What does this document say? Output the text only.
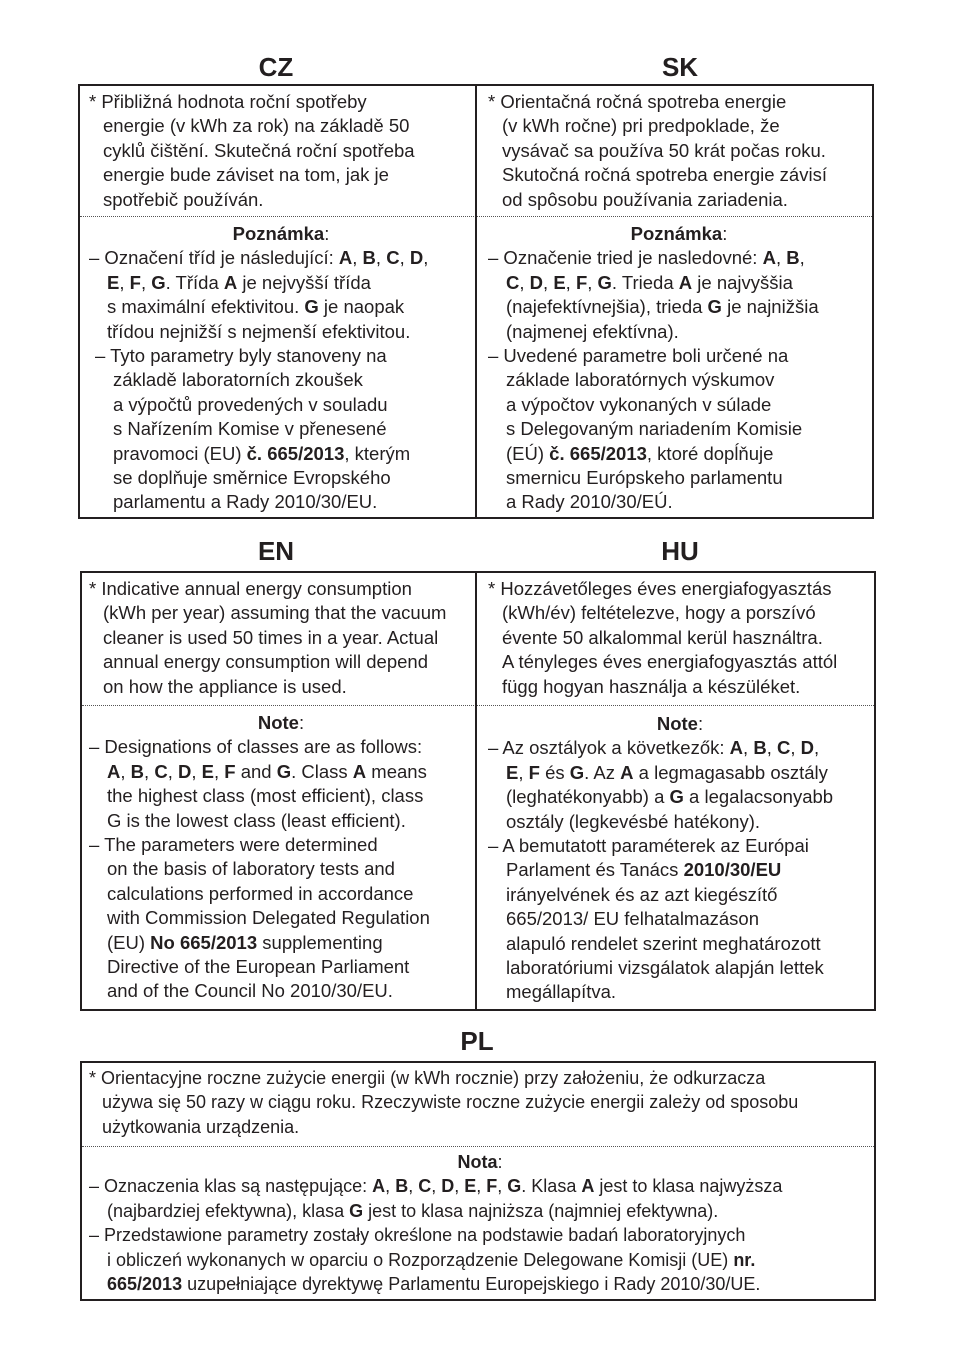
CZ	SK
EN	HU
PL

* Přibližná hodnota roční spotřeby

energie (v kWh za rok) na základě 50

cyklů čištění. Skutečná roční spotřeba

energie bude záviset na tom, jak je

spotřebič používán.

Poznámka:

– Označení tříd je následující: A, B, C, D,

E, F, G. Třída A je nejvyšší třída

s maximální efektivitou. G je naopak

třídou nejnižší s nejmenší efektivitou.

– Tyto parametry byly stanoveny na

základě laboratorních zkoušek

a výpočtů provedených v souladu

s Nařízením Komise v přenesené

pravomoci (EU) č. 665/2013, kterým

se doplňuje směrnice Evropského

parlamentu a Rady 2010/30/EU.

* Orientačná ročná spotreba energie

(v kWh ročne) pri predpoklade, že

vysávač sa používa 50 krát počas roku.

Skutočná ročná spotreba energie závisí

od spôsobu používania zariadenia.

Poznámka:

– Označenie tried je nasledovné: A, B,

C, D, E, F, G. Trieda A je najvyššia

(najefektívnejšia), trieda G je najnižšia

(najmenej efektívna).

– Uvedené parametre boli určené na

základe laboratórnych výskumov

a výpočtov vykonaných v súlade

s Delegovaným nariadením Komisie

(EÚ) č. 665/2013, ktoré dopĺňuje

smernicu Európskeho parlamentu

a Rady 2010/30/EÚ.

* Indicative annual energy consumption

(kWh per year) assuming that the vacuum

cleaner is used 50 times in a year. Actual

annual energy consumption will depend

on how the appliance is used.

Note:

– Designations of classes are as follows:

A, B, C, D, E, F and G. Class A means

the highest class (most efficient), class

G is the lowest class (least efficient).

– The parameters were determined

on the basis of laboratory tests and

calculations performed in accordance

with Commission Delegated Regulation

(EU) No 665/2013 supplementing

Directive of the European Parliament

and of the Council No 2010/30/EU.

* Hozzávetőleges éves energiafogyasztás

(kWh/év) feltételezve, hogy a porszívó

évente 50 alkalommal kerül használtra.

A tényleges éves energiafogyasztás attól

függ hogyan használja a készüléket.

Note:

– Az osztályok a következők: A, B, C, D,

E, F és G. Az A a legmagasabb osztály

(leghatékonyabb) a G a legalacsonyabb

osztály (legkevésbé hatékony).

– A bemutatott paraméterek az Európai

Parlament és Tanács 2010/30/EU

irányelvének és az azt kiegészítő

665/2013/ EU felhatalmazáson

alapuló rendelet szerint meghatározott

laboratóriumi vizsgálatok alapján lettek

megállapítva.

* Orientacyjne roczne zużycie energii (w kWh rocznie) przy założeniu, że odkurzacza

używa się 50 razy w ciągu roku. Rzeczywiste roczne zużycie energii zależy od sposobu

użytkowania urządzenia.

Nota:

– Oznaczenia klas są następujące: A, B, C, D, E, F, G. Klasa A jest to klasa najwyższa

(najbardziej efektywna), klasa G jest to klasa najniższa (najmniej efektywna).

– Przedstawione parametry zostały określone na podstawie badań laboratoryjnych

i obliczeń wykonanych w oparciu o Rozporządzenie Delegowane Komisji (UE) nr.

665/2013 uzupełniające dyrektywę Parlamentu Europejskiego i Rady 2010/30/UE.
